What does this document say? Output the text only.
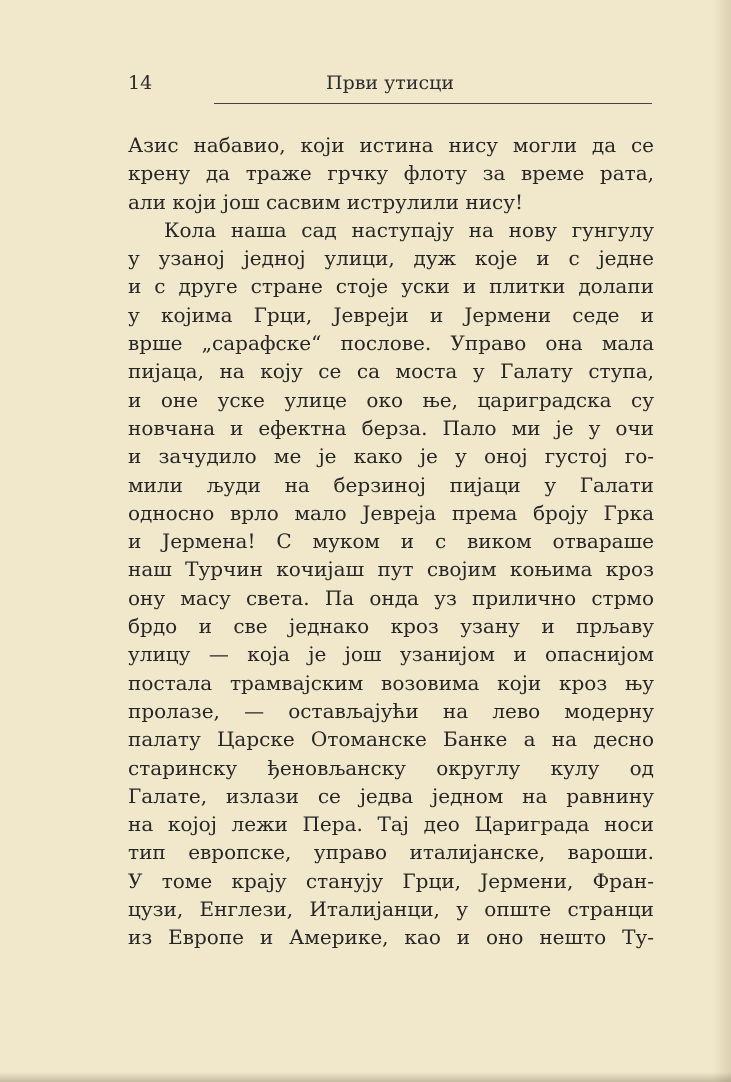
14	Први утисци
Азис набавио, који истина нису могли да се
крену да траже грчку флоту за време рата,
али који још сасвим иструлили нису!
Кола наша сад наступају на нову гунгулу
у узаној једној улици, дуж које и с једне
и с друге стране стоје уски и плитки долапи
у којима Грци, Јевреји и Јермени седе и
врше „сарафске“ послове. Управо она мала
пијаца, на коју се са моста у Галату ступа,
и оне уске улице око ње, цариградска су
новчана и ефектна берза. Пало ми је у очи
и зачудило ме је како је у оној густој го-
мили људи на берзиној пијаци у Галати
односно врло мало Јевреја према броју Грка
и Јермена! С муком и с виком отвараше
наш Турчин кочијаш пут својим коњима кроз
ону масу света. Па онда уз прилично стрмо
брдо и све једнако кроз узану и прљаву
улицу — која је још узанијом и опаснијом
постала трамвајским возовима који кроз њу
пролазе, — остављајући на лево модерну
палату Царске Отоманске Банке а на десно
старинску ђеновљанску округлу кулу од
Галате, излази се једва једном на равнину
на којој лежи Пера. Тај део Цариграда носи
тип европске, управо италијанске, вароши.
У томе крају станују Грци, Јермени, Фран-
цузи, Енглези, Италијанци, у опште странци
из Европе и Америке, као и оно нешто Ту-
